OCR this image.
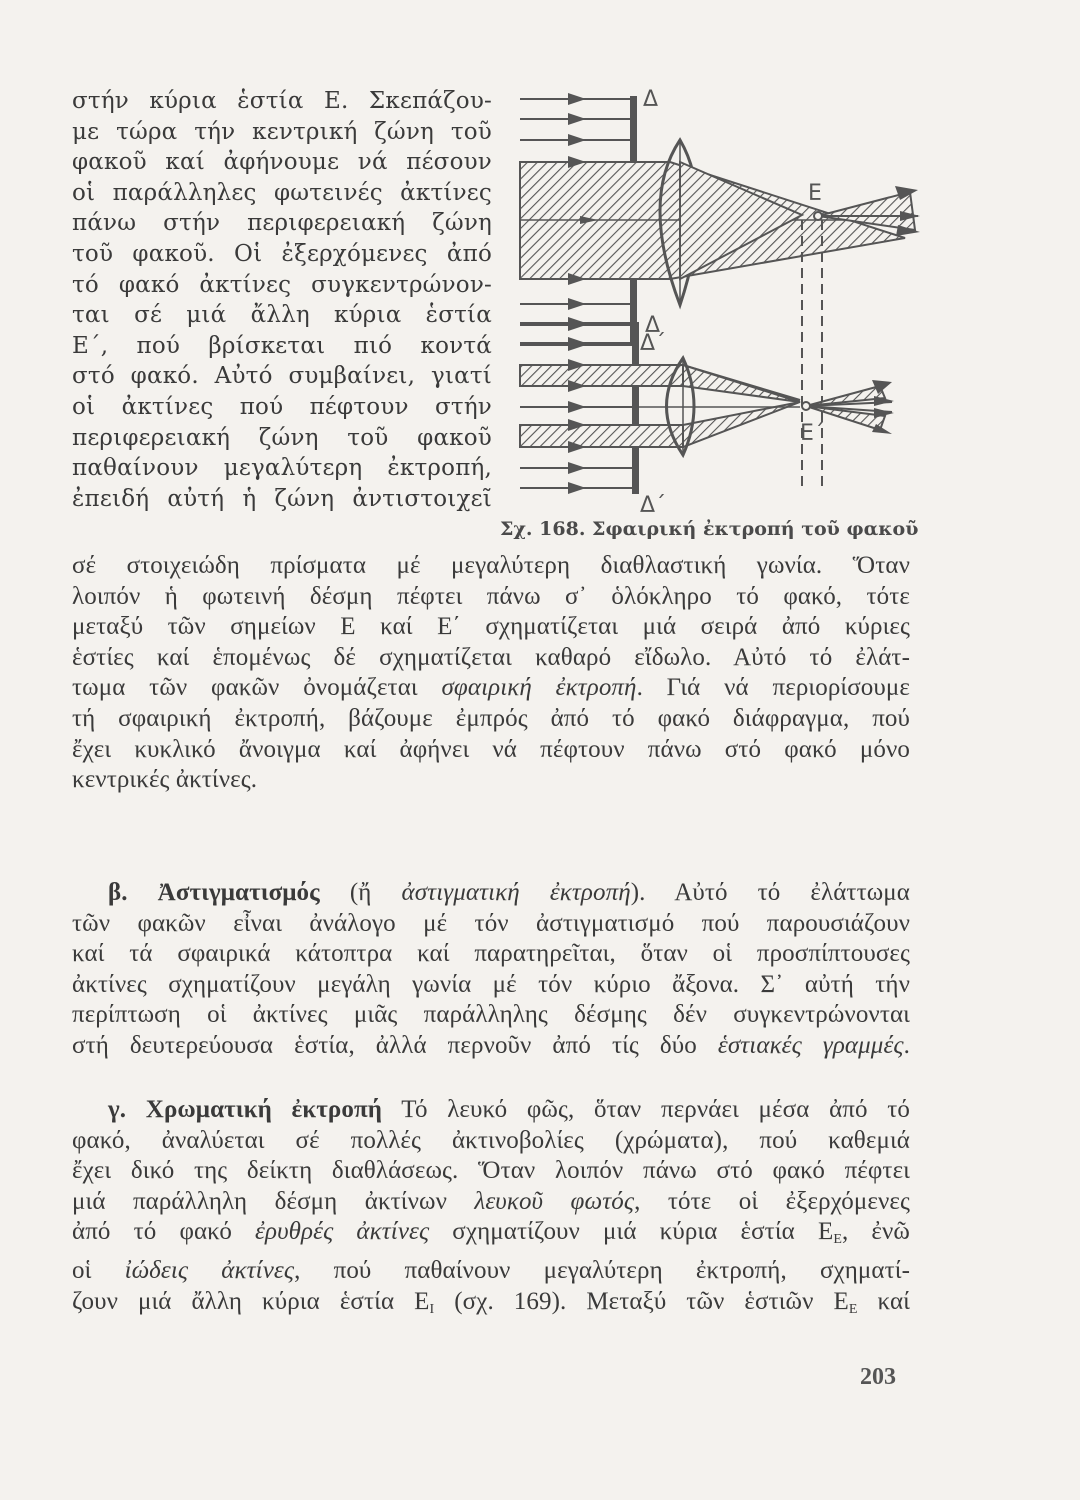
στήν κύρια ἑστία Ε. Σκεπάζου-
με τώρα τήν κεντρική ζώνη τοῦ
φακοῦ καί ἀφήνουμε νά πέσουν
οἱ παράλληλες φωτεινές ἀκτίνες
πάνω στήν περιφερειακή ζώνη
τοῦ φακοῦ. Οἱ ἐξερχόμενες ἀπό
τό φακό ἀκτίνες συγκεντρώνον-
ται σέ μιά ἄλλη κύρια ἑστία
Ε΄, πού βρίσκεται πιό κοντά
στό φακό. Αὐτό συμβαίνει, γιατί
οἱ ἀκτίνες πού πέφτουν στήν
περιφερειακή ζώνη τοῦ φακοῦ
παθαίνουν μεγαλύτερη ἐκτροπή,
ἐπειδή αὐτή ἡ ζώνη ἀντιστοιχεῖ
Δ
Δ΄
Ε
Δ
Δ΄
Ε΄
Σχ. 168. Σφαιρική ἐκτροπή τοῦ φακοῦ
σέ στοιχειώδη πρίσματα μέ μεγαλύτερη διαθλαστική γωνία. Ὅταν
λοιπόν ἡ φωτεινή δέσμη πέφτει πάνω σ᾽ ὁλόκληρο τό φακό, τότε
μεταξύ τῶν σημείων Ε καί Ε΄ σχηματίζεται μιά σειρά ἀπό κύριες
ἑστίες καί ἑπομένως δέ σχηματίζεται καθαρό εἴδωλο. Αὐτό τό ἐλάτ-
τωμα τῶν φακῶν ὀνομάζεται σφαιρική ἐκτροπή. Γιά νά περιορίσουμε
τή σφαιρική ἐκτροπή, βάζουμε ἐμπρός ἀπό τό φακό διάφραγμα, πού
ἔχει κυκλικό ἄνοιγμα καί ἀφήνει νά πέφτουν πάνω στό φακό μόνο
κεντρικές ἀκτίνες.
β. Ἀστιγματισμός (ἤ ἀστιγματική ἐκτροπή). Αὐτό τό ἐλάττωμα
τῶν φακῶν εἶναι ἀνάλογο μέ τόν ἀστιγματισμό πού παρουσιάζουν
καί τά σφαιρικά κάτοπτρα καί παρατηρεῖται, ὅταν οἱ προσπίπτουσες
ἀκτίνες σχηματίζουν μεγάλη γωνία μέ τόν κύριο ἄξονα. Σ᾽ αὐτή τήν
περίπτωση οἱ ἀκτίνες μιᾶς παράλληλης δέσμης δέν συγκεντρώνονται
στή δευτερεύουσα ἑστία, ἀλλά περνοῦν ἀπό τίς δύο ἑστιακές γραμμές.
γ. Χρωματική ἐκτροπή Τό λευκό φῶς, ὅταν περνάει μέσα ἀπό τό
φακό, ἀναλύεται σέ πολλές ἀκτινοβολίες (χρώματα), πού καθεμιά
ἔχει δικό της δείκτη διαθλάσεως. Ὅταν λοιπόν πάνω στό φακό πέφτει
μιά παράλληλη δέσμη ἀκτίνων λευκοῦ φωτός, τότε οἱ ἐξερχόμενες
ἀπό τό φακό ἐρυθρές ἀκτίνες σχηματίζουν μιά κύρια ἑστία $E_E$, ἐνῶ
οἱ ἰώδεις ἀκτίνες, πού παθαίνουν μεγαλύτερη ἐκτροπή, σχηματί-
ζουν μιά ἄλλη κύρια ἑστία $E_I$ (σχ. 169). Μεταξύ τῶν ἑστιῶν $E_E$ καί
203
